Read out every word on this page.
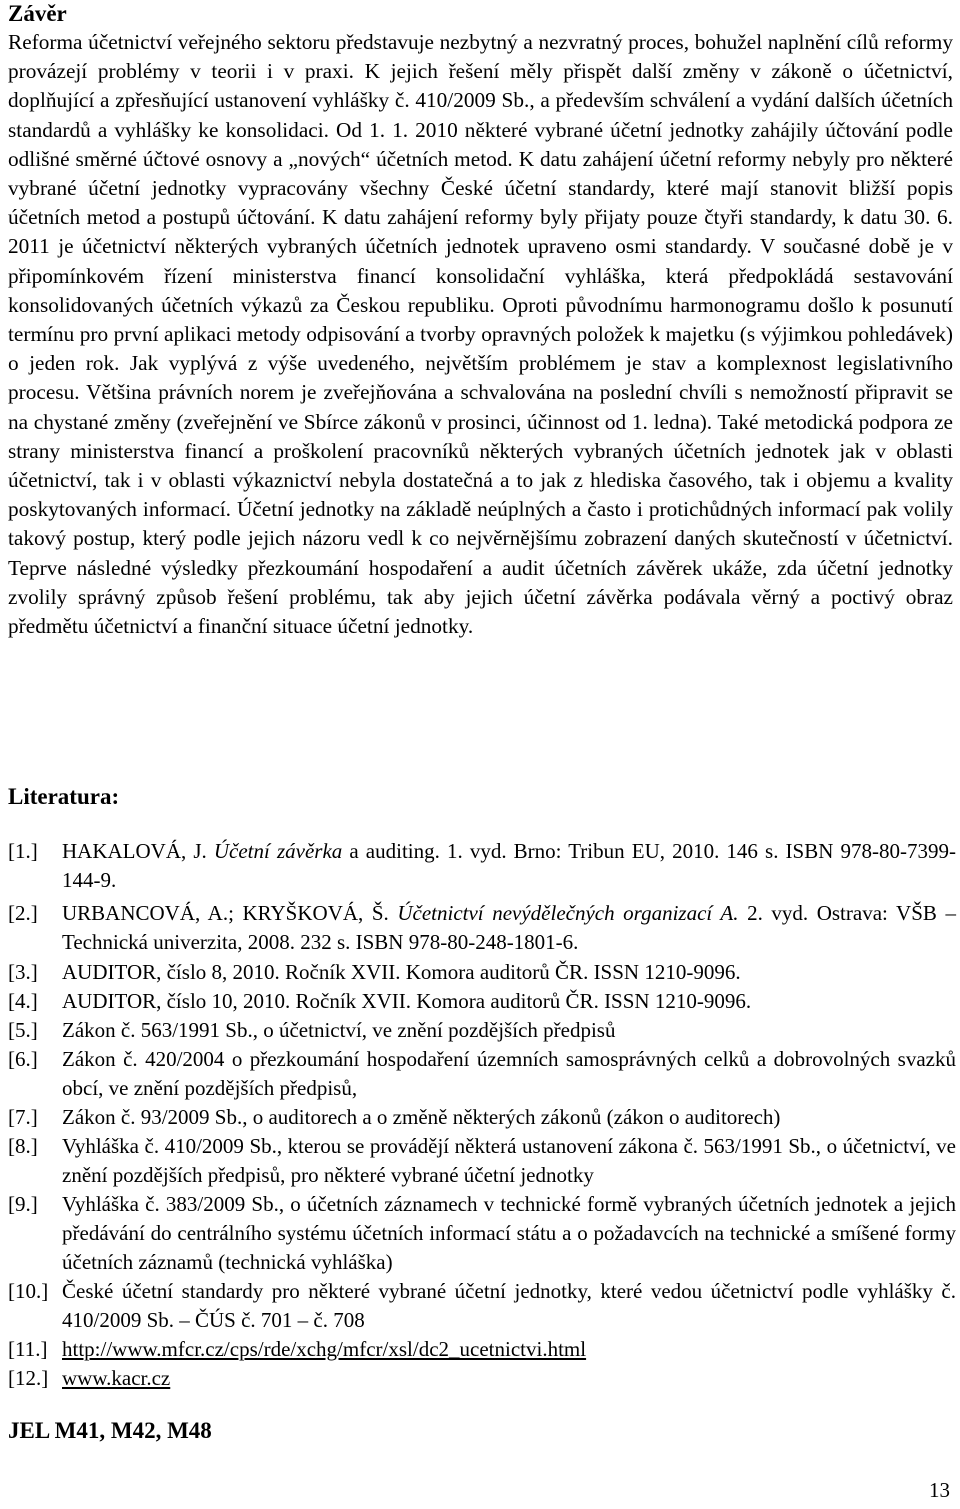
Závěr

Reforma účetnictví veřejného sektoru představuje nezbytný a nezvratný proces, bohužel naplnění cílů reformy provázejí problémy v teorii i v praxi. K jejich řešení měly přispět další změny v zákoně o účetnictví, doplňující a zpřesňující ustanovení vyhlášky č. 410/2009 Sb., a především schválení a vydání dalších účetních standardů a vyhlášky ke konsolidaci. Od 1. 1. 2010 některé vybrané účetní jednotky zahájily účtování podle odlišné směrné účtové osnovy a „nových“ účetních metod. K datu zahájení účetní reformy nebyly pro některé vybrané účetní jednotky vypracovány všechny České účetní standardy, které mají stanovit bližší popis účetních metod a postupů účtování. K datu zahájení reformy byly přijaty pouze čtyři standardy, k datu 30. 6. 2011 je účetnictví některých vybraných účetních jednotek upraveno osmi standardy. V současné době je v připomínkovém řízení ministerstva financí konsolidační vyhláška, která předpokládá sestavování konsolidovaných účetních výkazů za Českou republiku. Oproti původnímu harmonogramu došlo k posunutí termínu pro první aplikaci metody odpisování a tvorby opravných položek k majetku (s výjimkou pohledávek) o jeden rok. Jak vyplývá z výše uvedeného, největším problémem je stav a komplexnost legislativního procesu. Většina právních norem je zveřejňována a schvalována na poslední chvíli s nemožností připravit se na chystané změny (zveřejnění ve Sbírce zákonů v prosinci, účinnost od 1. ledna). Také metodická podpora ze strany ministerstva financí a proškolení pracovníků některých vybraných účetních jednotek jak v oblasti účetnictví, tak i v oblasti výkaznictví nebyla dostatečná a to jak z hlediska časového, tak i objemu a kvality poskytovaných informací. Účetní jednotky na základě neúplných a často i protichůdných informací pak volily takový postup, který podle jejich názoru vedl k co nejvěrnějšímu zobrazení daných skutečností v účetnictví. Teprve následné výsledky přezkoumání hospodaření a audit účetních závěrek ukáže, zda účetní jednotky zvolily správný způsob řešení problému, tak aby jejich účetní závěrka podávala věrný a poctivý obraz předmětu účetnictví a finanční situace účetní jednotky.

Literatura:
[1.] HAKALOVÁ, J. Účetní závěrka a auditing. 1. vyd. Brno: Tribun EU, 2010. 146 s. ISBN 978-80-7399-144-9.
[2.] URBANCOVÁ, A.; KRYŠKOVÁ, Š. Účetnictví nevýdělečných organizací A. 2. vyd. Ostrava: VŠB – Technická univerzita, 2008. 232 s. ISBN 978-80-248-1801-6.
[3.] AUDITOR, číslo 8, 2010. Ročník XVII. Komora auditorů ČR. ISSN 1210-9096.
[4.] AUDITOR, číslo 10, 2010. Ročník XVII. Komora auditorů ČR. ISSN 1210-9096.
[5.] Zákon č. 563/1991 Sb., o účetnictví, ve znění pozdějších předpisů
[6.] Zákon č. 420/2004 o přezkoumání hospodaření územních samosprávných celků a dobrovolných svazků obcí, ve znění pozdějších předpisů,
[7.] Zákon č. 93/2009 Sb., o auditorech a o změně některých zákonů (zákon o auditorech)
[8.] Vyhláška č. 410/2009 Sb., kterou se provádějí některá ustanovení zákona č. 563/1991 Sb., o účetnictví, ve znění pozdějších předpisů, pro některé vybrané účetní jednotky
[9.] Vyhláška č. 383/2009 Sb., o účetních záznamech v technické formě vybraných účetních jednotek a jejich předávání do centrálního systému účetních informací státu a o požadavcích na technické a smíšené formy účetních záznamů (technická vyhláška)
[10.] České účetní standardy pro některé vybrané účetní jednotky, které vedou účetnictví podle vyhlášky č. 410/2009 Sb. – ČÚS č. 701 – č. 708
[11.] http://www.mfcr.cz/cps/rde/xchg/mfcr/xsl/dc2_ucetnictvi.html
[12.] www.kacr.cz

JEL M41, M42, M48

13
